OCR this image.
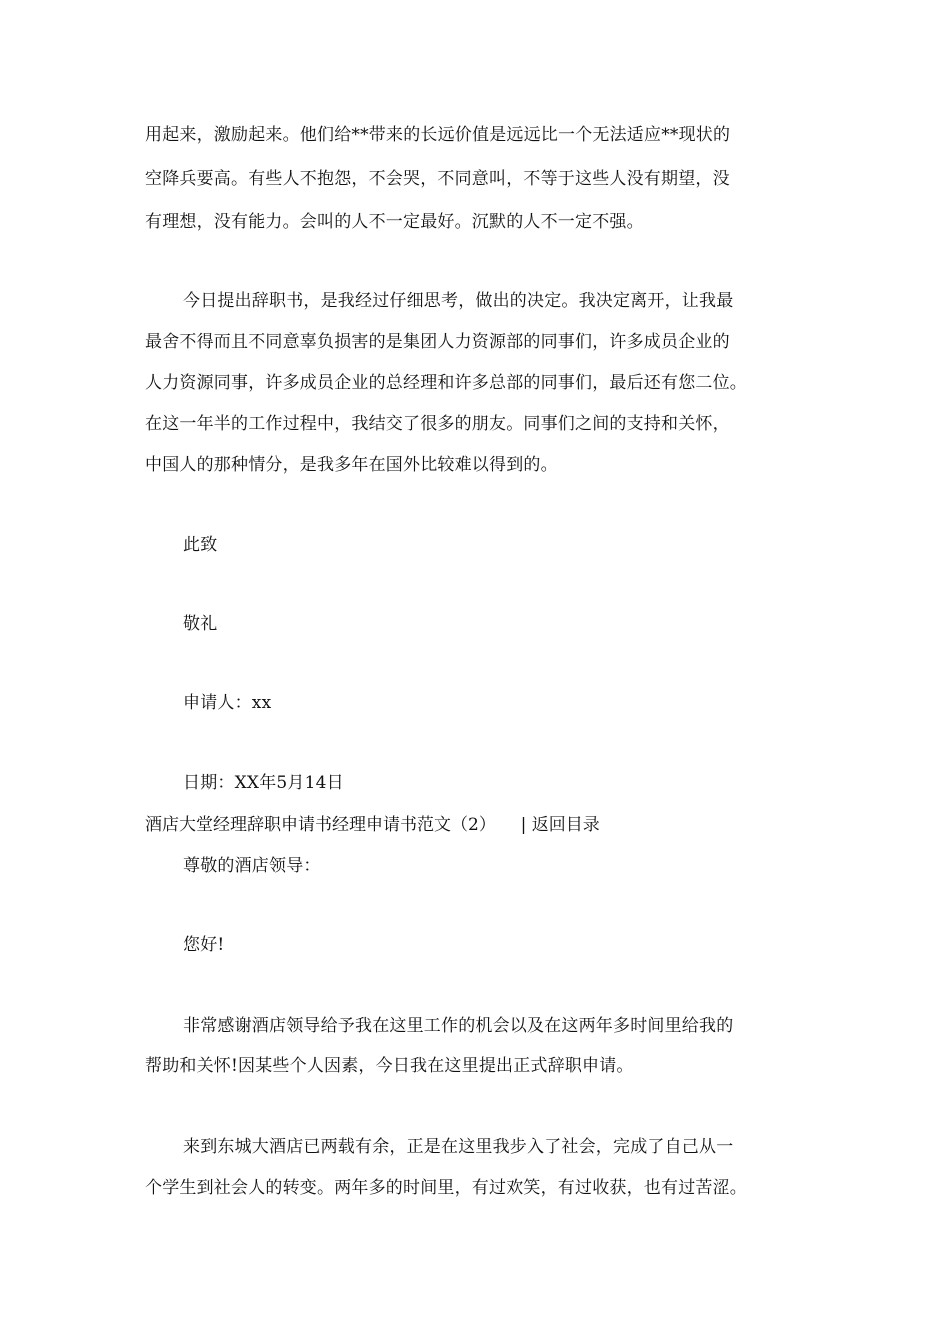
用起来，激励起来。他们给**带来的长远价值是远远比一个无法适应**现状的
空降兵要高。有些人不抱怨，不会哭，不同意叫，不等于这些人没有期望，没
有理想，没有能力。会叫的人不一定最好。沉默的人不一定不强。
今日提出辞职书，是我经过仔细思考，做出的决定。我决定离开，让我最
最舍不得而且不同意辜负损害的是集团人力资源部的同事们，许多成员企业的
人力资源同事，许多成员企业的总经理和许多总部的同事们，最后还有您二位。
在这一年半的工作过程中，我结交了很多的朋友。同事们之间的支持和关怀，
中国人的那种情分，是我多年在国外比较难以得到的。
此致
敬礼
申请人：xx
日期：XX年5月14日
酒店大堂经理辞职申请书经理申请书范文（2） | 返回目录
尊敬的酒店领导：
您好!
非常感谢酒店领导给予我在这里工作的机会以及在这两年多时间里给我的
帮助和关怀!因某些个人因素，今日我在这里提出正式辞职申请。
来到东城大酒店已两载有余，正是在这里我步入了社会，完成了自己从一
个学生到社会人的转变。两年多的时间里，有过欢笑，有过收获，也有过苦涩。
